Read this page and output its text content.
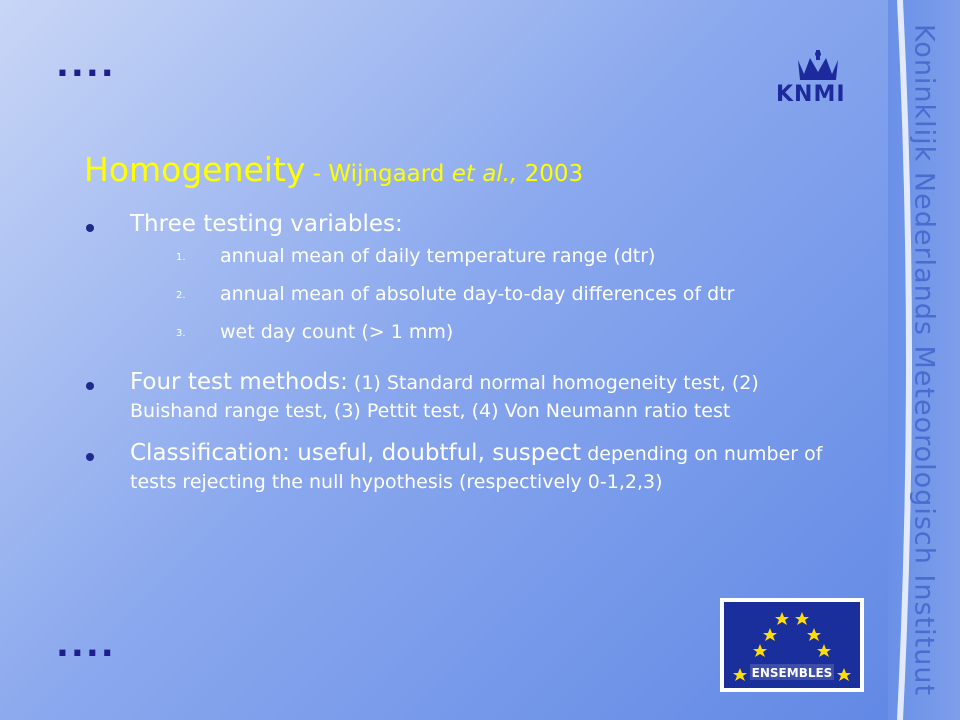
Koninklijk Nederlands Meteorologisch Instituut
....
....
KNMI
Homogeneity - Wijngaard et al., 2003
Three testing variables:
1. annual mean of daily temperature range (dtr)
2. annual mean of absolute day-to-day differences of dtr
3. wet day count (> 1 mm)
Four test methods: (1) Standard normal homogeneity test, (2) Buishand range test, (3) Pettit test, (4) Von Neumann ratio test
Classification: useful, doubtful, suspect depending on number of tests rejecting the null hypothesis (respectively 0-1,2,3)
ENSEMBLES
